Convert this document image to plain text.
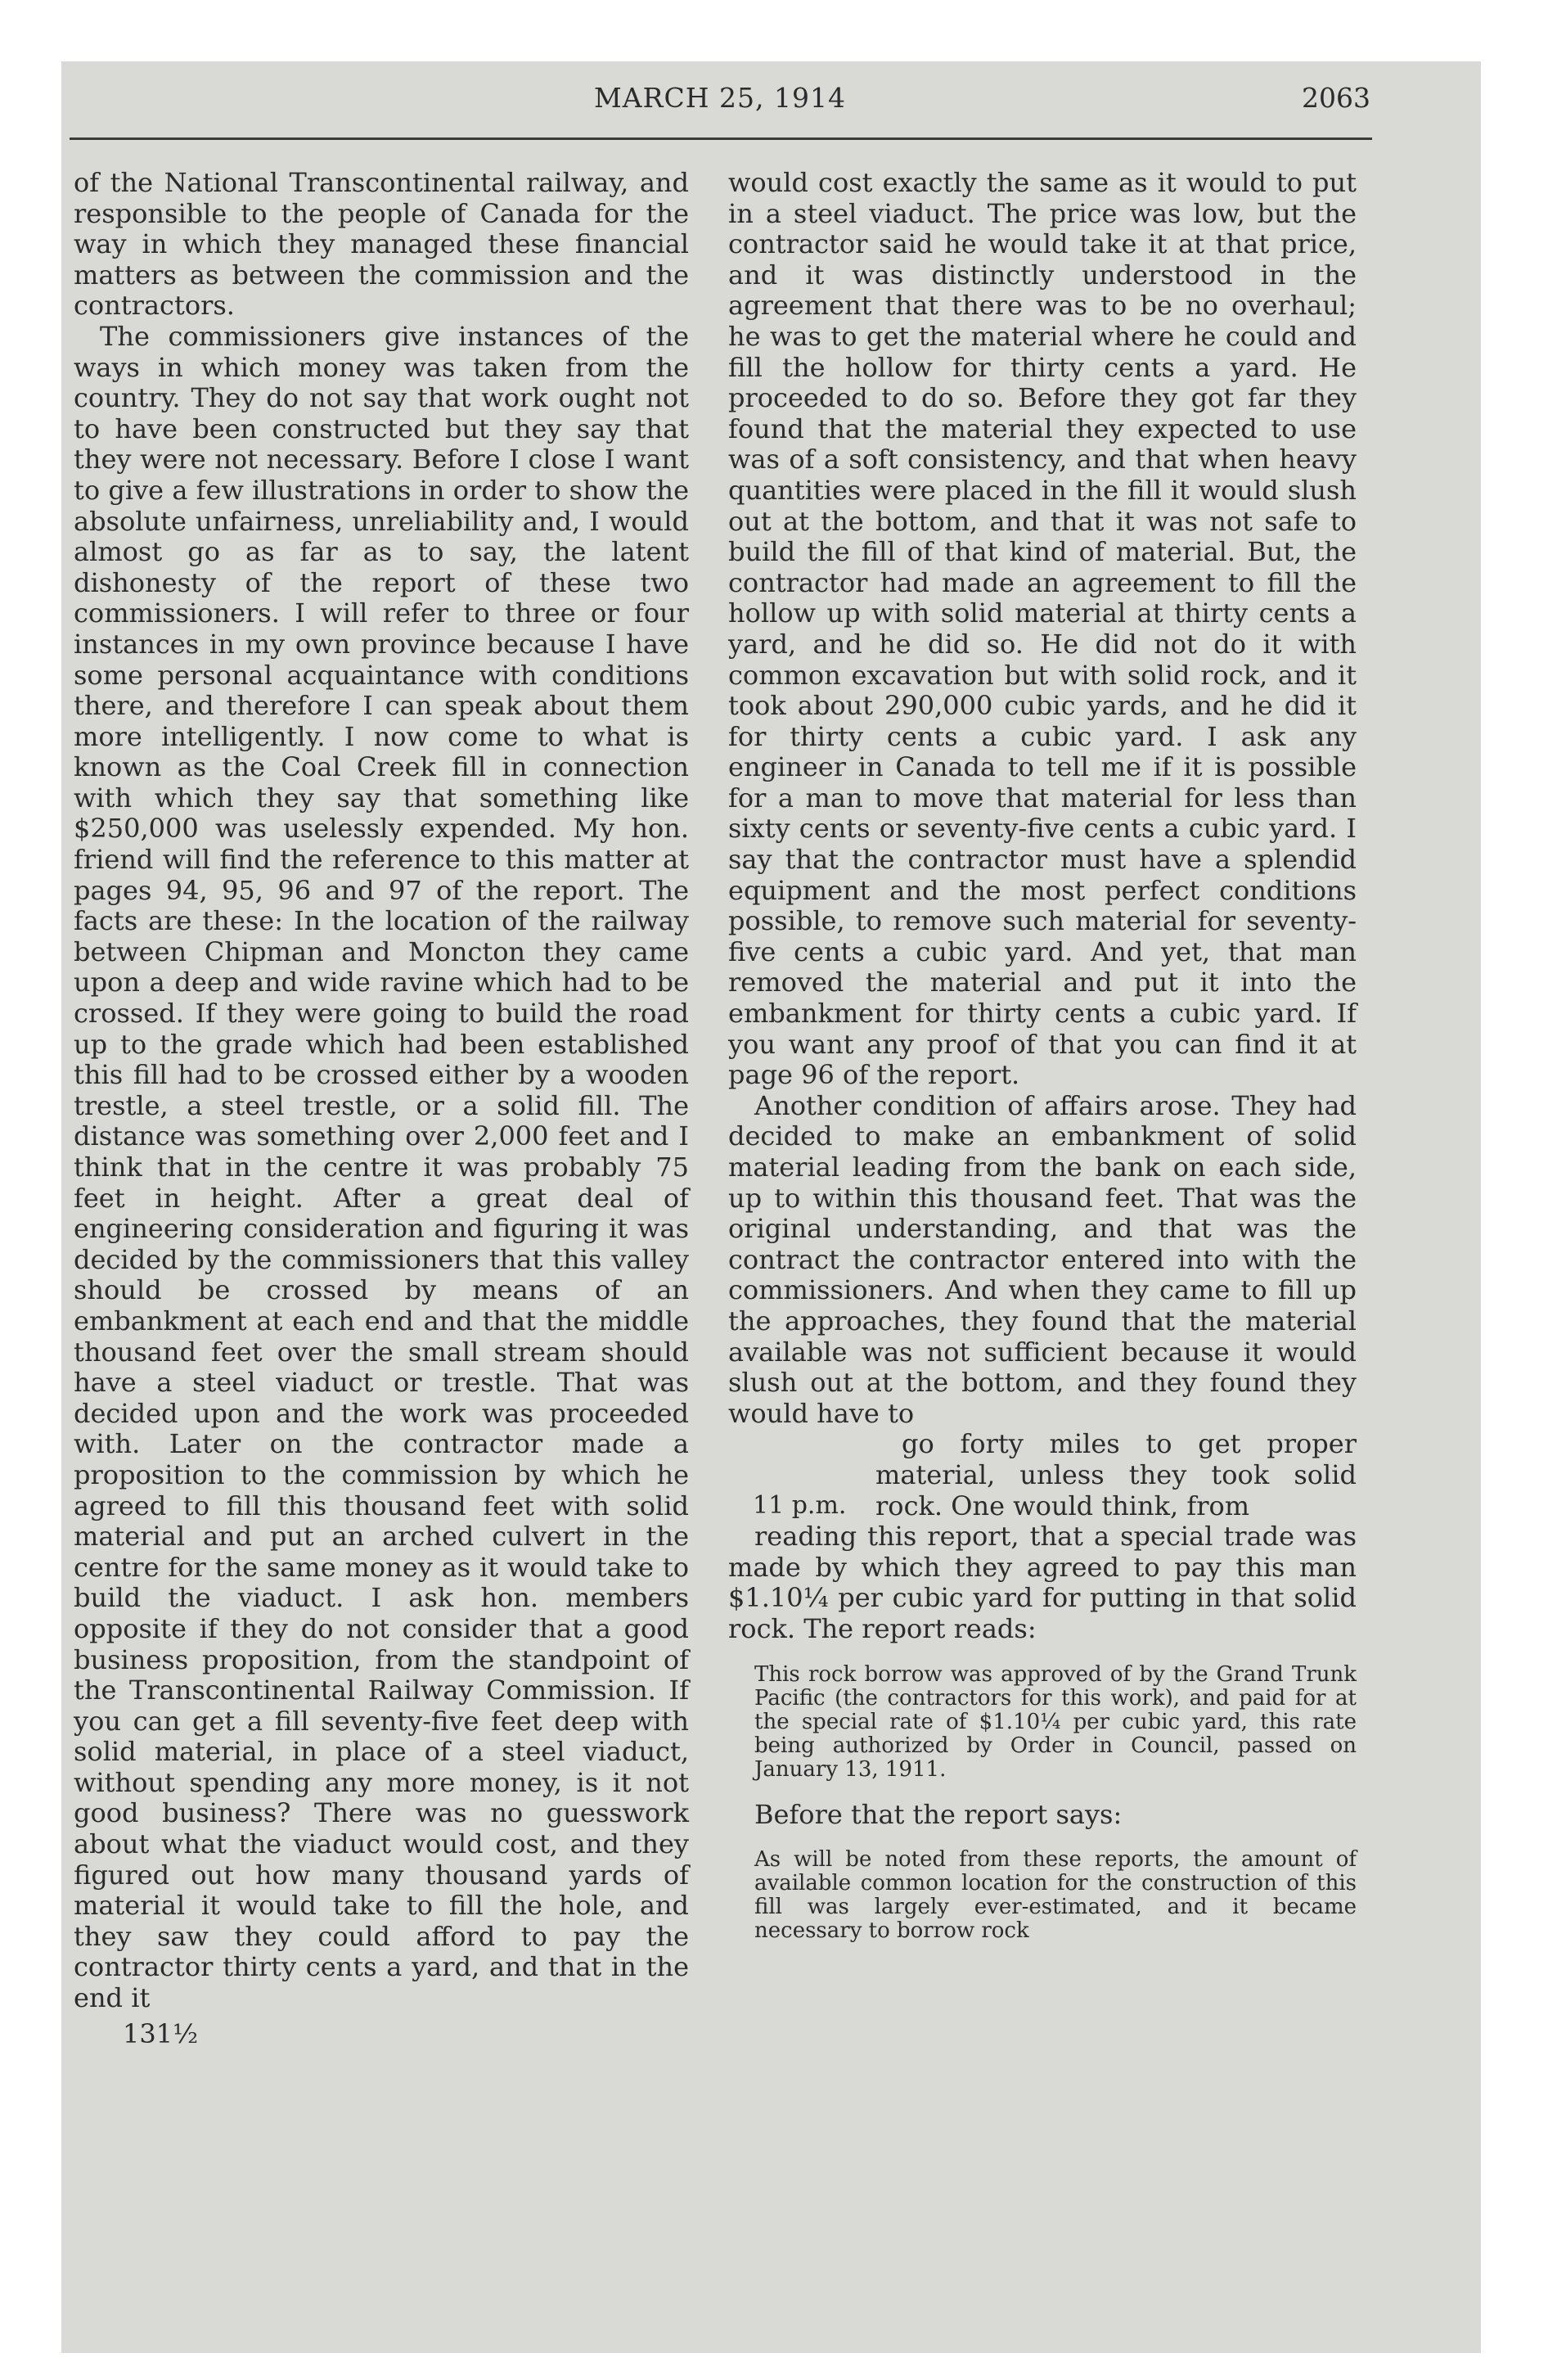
MARCH 25, 1914	2063

of the National Transcontinental railway, and responsible to the people of Canada for the way in which they managed these financial matters as between the commission and the contractors.

The commissioners give instances of the ways in which money was taken from the country. They do not say that work ought not to have been constructed but they say that they were not necessary. Before I close I want to give a few illustrations in order to show the absolute unfairness, unreliability and, I would almost go as far as to say, the latent dishonesty of the report of these two commissioners. I will refer to three or four instances in my own province because I have some personal acquaintance with conditions there, and therefore I can speak about them more intelligently. I now come to what is known as the Coal Creek fill in connection with which they say that something like $250,000 was uselessly expended. My hon. friend will find the reference to this matter at pages 94, 95, 96 and 97 of the report. The facts are these: In the location of the railway between Chipman and Moncton they came upon a deep and wide ravine which had to be crossed. If they were going to build the road up to the grade which had been established this fill had to be crossed either by a wooden trestle, a steel trestle, or a solid fill. The distance was something over 2,000 feet and I think that in the centre it was probably 75 feet in height. After a great deal of engineering consideration and figuring it was decided by the commissioners that this valley should be crossed by means of an embankment at each end and that the middle thousand feet over the small stream should have a steel viaduct or trestle. That was decided upon and the work was proceeded with. Later on the contractor made a proposition to the commission by which he agreed to fill this thousand feet with solid material and put an arched culvert in the centre for the same money as it would take to build the viaduct. I ask hon. members opposite if they do not consider that a good business proposition, from the standpoint of the Transcontinental Railway Commission. If you can get a fill seventy-five feet deep with solid material, in place of a steel viaduct, without spending any more money, is it not good business? There was no guesswork about what the viaduct would cost, and they figured out how many thousand yards of material it would take to fill the hole, and they saw they could afford to pay the contractor thirty cents a yard, and that in the end it

131½

would cost exactly the same as it would to put in a steel viaduct. The price was low, but the contractor said he would take it at that price, and it was distinctly understood in the agreement that there was to be no overhaul; he was to get the material where he could and fill the hollow for thirty cents a yard. He proceeded to do so. Before they got far they found that the material they expected to use was of a soft consistency, and that when heavy quantities were placed in the fill it would slush out at the bottom, and that it was not safe to build the fill of that kind of material. But, the contractor had made an agreement to fill the hollow up with solid material at thirty cents a yard, and he did so. He did not do it with common excavation but with solid rock, and it took about 290,000 cubic yards, and he did it for thirty cents a cubic yard. I ask any engineer in Canada to tell me if it is possible for a man to move that material for less than sixty cents or seventy-five cents a cubic yard. I say that the contractor must have a splendid equipment and the most perfect conditions possible, to remove such material for seventy-five cents a cubic yard. And yet, that man removed the material and put it into the embankment for thirty cents a cubic yard. If you want any proof of that you can find it at page 96 of the report.

Another condition of affairs arose. They had decided to make an embankment of solid material leading from the bank on each side, up to within this thousand feet. That was the original understanding, and that was the contract the contractor entered into with the commissioners. And when they came to fill up the approaches, they found that the material available was not sufficient because it would slush out at the bottom, and they found they would have to

11 p.m.

go forty miles to get proper material, unless they took solid rock. One would think, from

reading this report, that a special trade was made by which they agreed to pay this man $1.10¼ per cubic yard for putting in that solid rock. The report reads:

This rock borrow was approved of by the Grand Trunk Pacific (the contractors for this work), and paid for at the special rate of $1.10¼ per cubic yard, this rate being authorized by Order in Council, passed on January 13, 1911.

Before that the report says:

As will be noted from these reports, the amount of available common location for the construction of this fill was largely ever-estimated, and it became necessary to borrow rock
